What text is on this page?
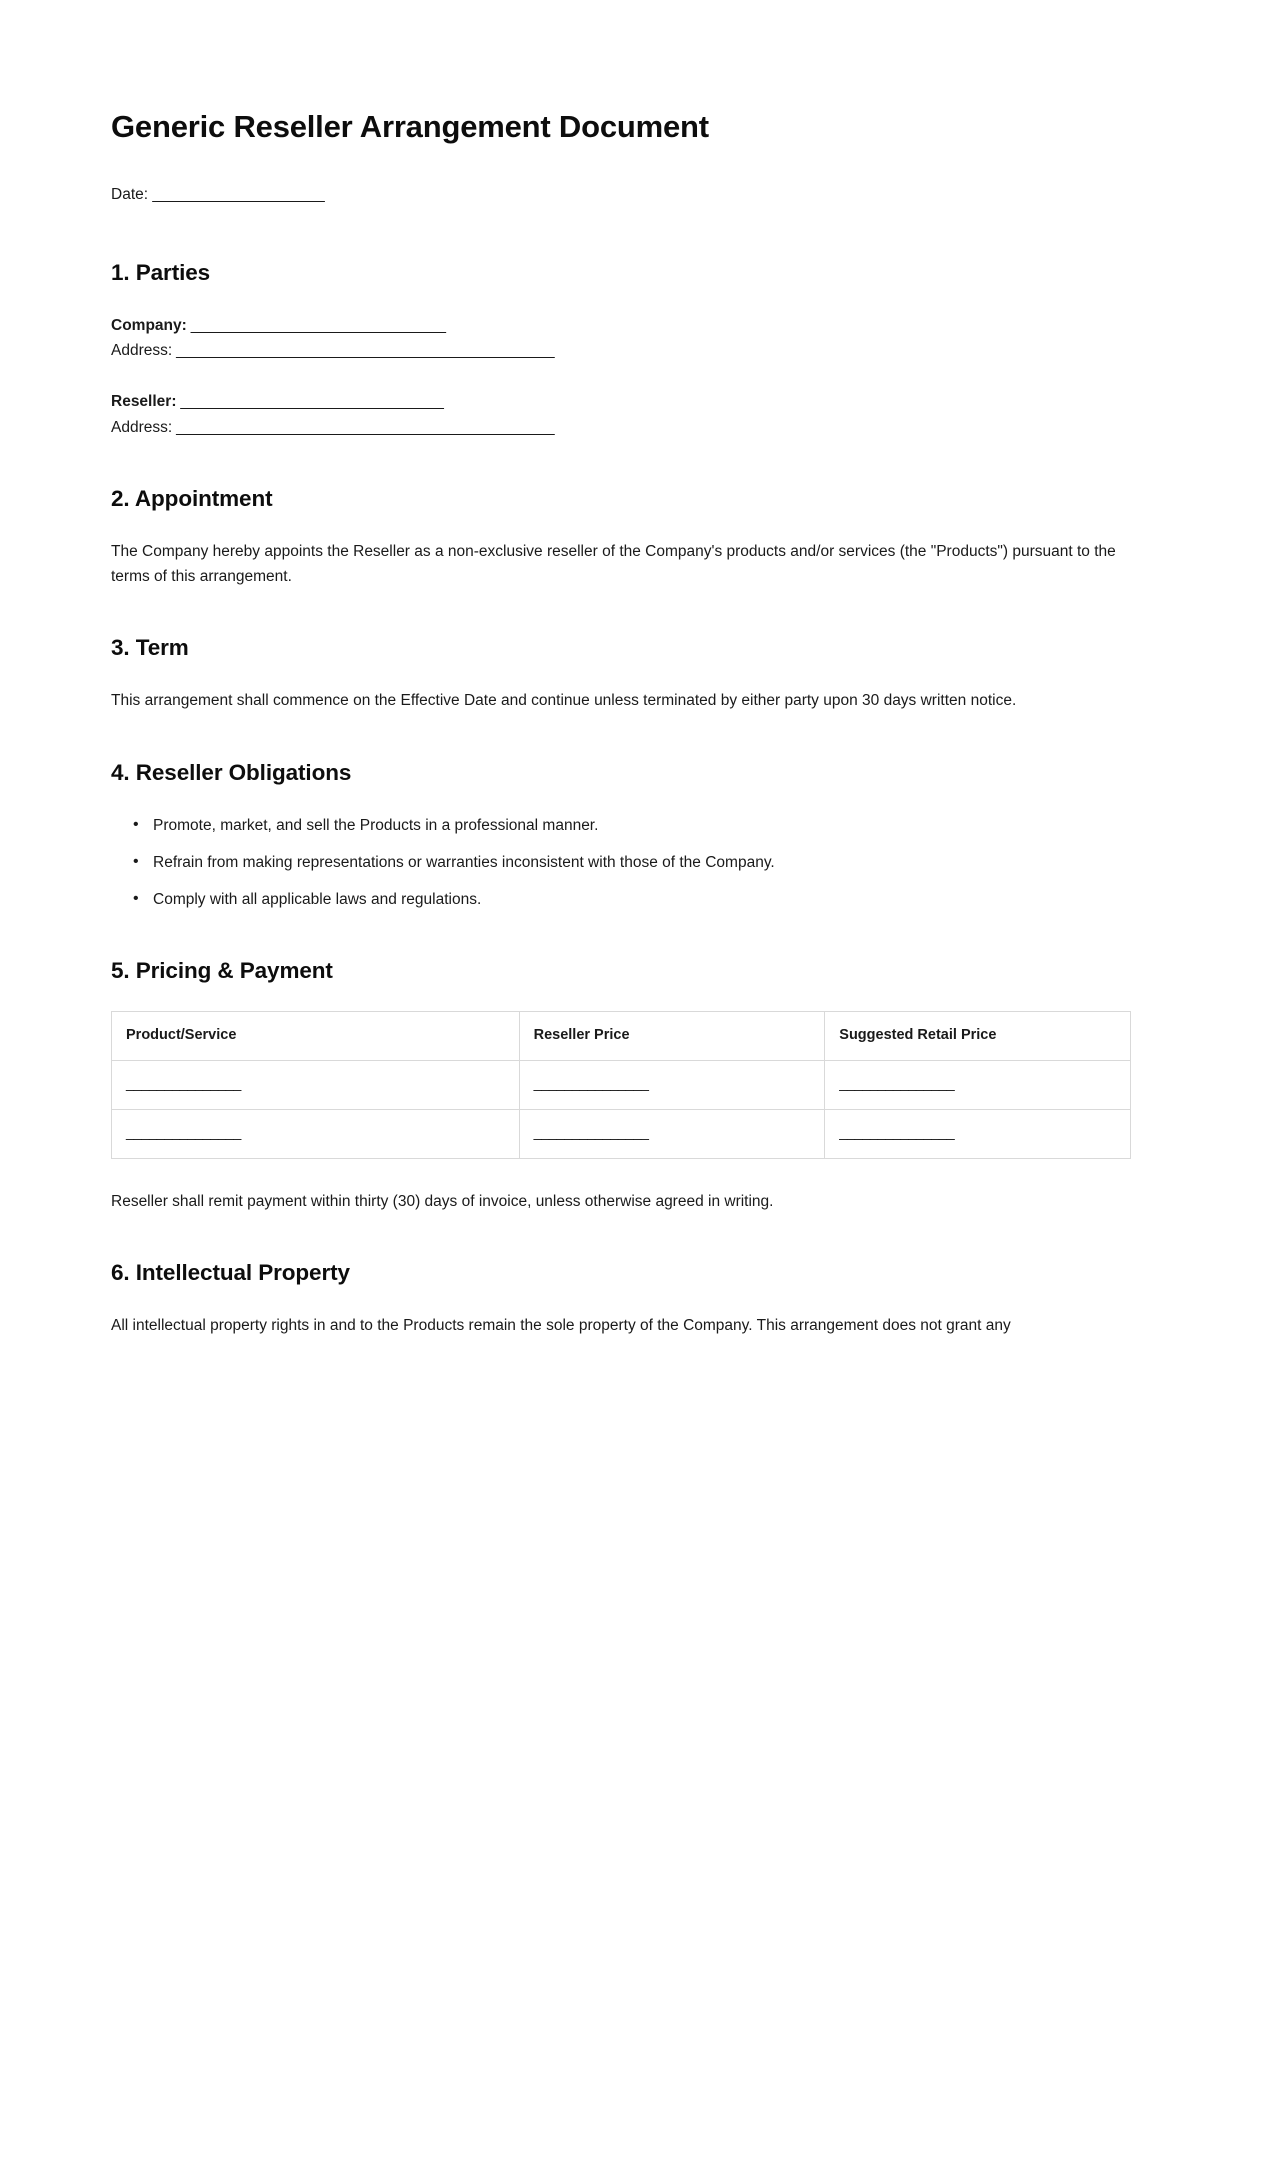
Generic Reseller Arrangement Document
Date: ____________________
1. Parties
Company: _______________________________
Address: ______________________________________________
Reseller: ________________________________
Address: ______________________________________________
2. Appointment

The Company hereby appoints the Reseller as a non-exclusive reseller of the Company's products and/or services (the "Products") pursuant to the terms of this arrangement.

3. Term

This arrangement shall commence on the Effective Date and continue unless terminated by either party upon 30 days written notice.

4. Reseller Obligations
• Promote, market, and sell the Products in a professional manner.
• Refrain from making representations or warranties inconsistent with those of the Company.
• Comply with all applicable laws and regulations.
5. Pricing & Payment
Product/Service	Reseller Price	Suggested Retail Price
_______________	_______________	_______________
_______________	_______________	_______________

Reseller shall remit payment within thirty (30) days of invoice, unless otherwise agreed in writing.

6. Intellectual Property

All intellectual property rights in and to the Products remain the sole property of the Company. This arrangement does not grant any
